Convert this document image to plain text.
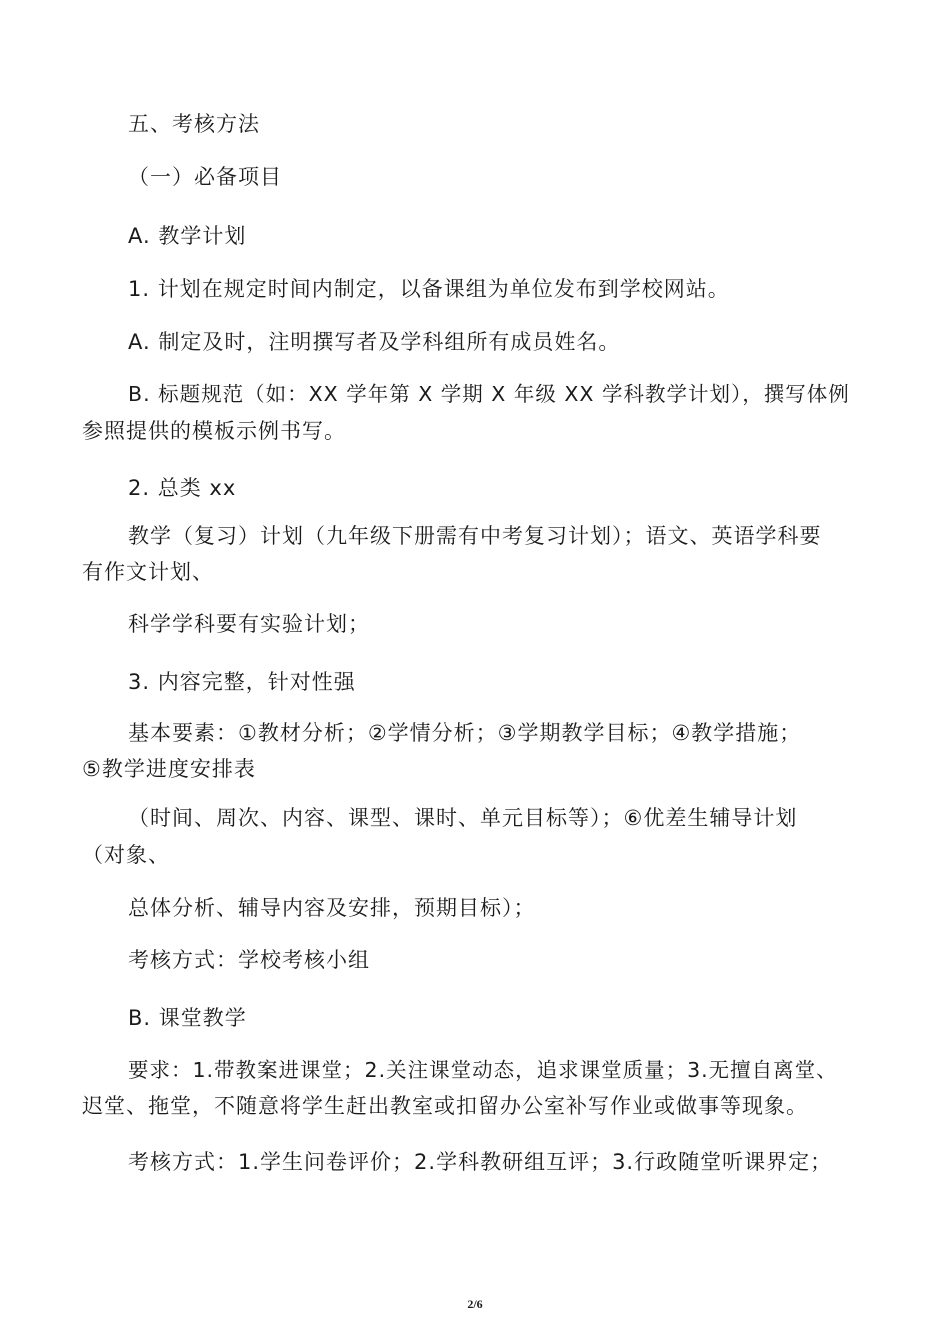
五、考核方法
（一）必备项目
A. 教学计划
1. 计划在规定时间内制定，以备课组为单位发布到学校网站。
A. 制定及时，注明撰写者及学科组所有成员姓名。
B. 标题规范（如：XX 学年第 X 学期 X 年级 XX 学科教学计划），撰写体例
参照提供的模板示例书写。
2. 总类 xx
教学（复习）计划（九年级下册需有中考复习计划）；语文、英语学科要
有作文计划、
科学学科要有实验计划；
3. 内容完整，针对性强
基本要素：①教材分析；②学情分析；③学期教学目标；④教学措施；
⑤教学进度安排表
（时间、周次、内容、课型、课时、单元目标等）；⑥优差生辅导计划
（对象、
总体分析、辅导内容及安排，预期目标）；
考核方式：学校考核小组
B. 课堂教学
要求：1.带教案进课堂；2.关注课堂动态，追求课堂质量；3.无擅自离堂、
迟堂、拖堂，不随意将学生赶出教室或扣留办公室补写作业或做事等现象。
考核方式：1.学生问卷评价；2.学科教研组互评；3.行政随堂听课界定；
2/6
